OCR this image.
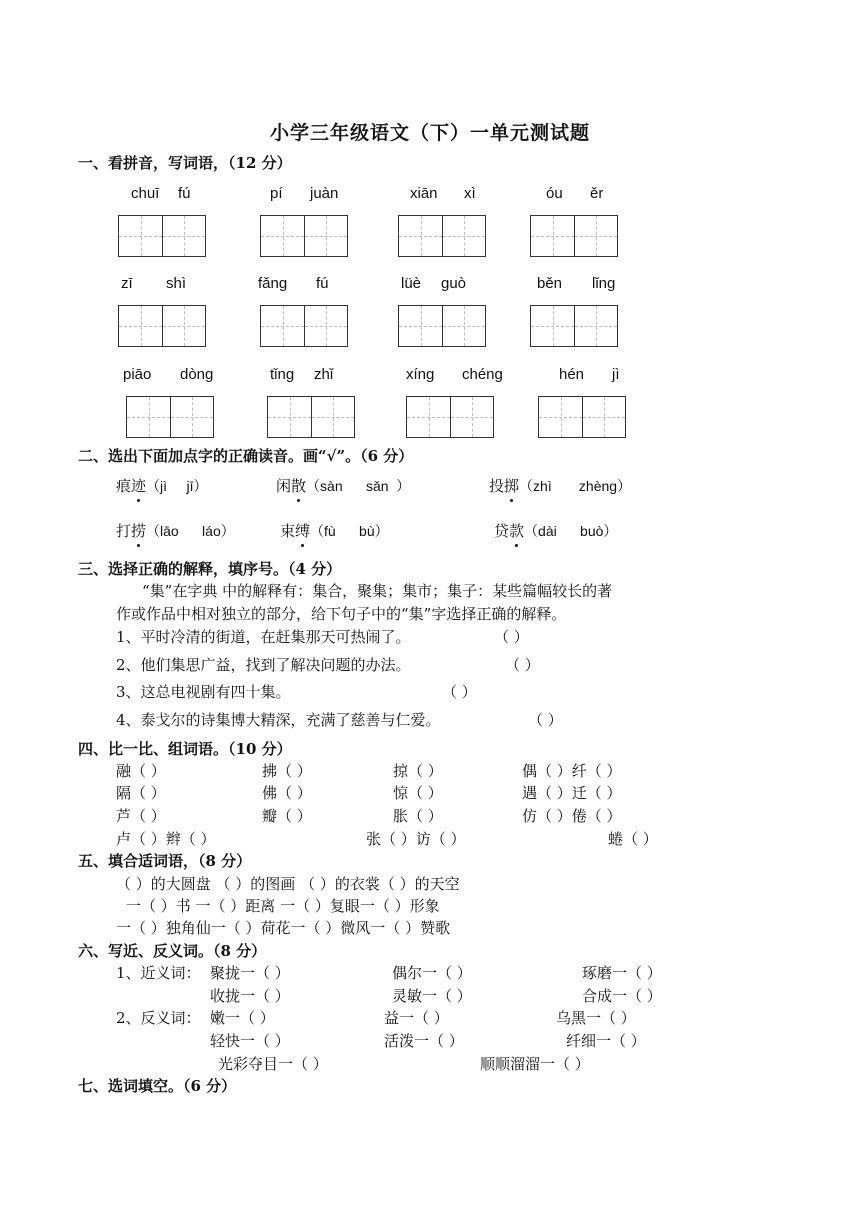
小学三年级语文（下）一单元测试题
一、看拼音，写词语，（12 分）
chuī fú	pí juàn	xiān xì	óu ěr
zī shì	fǎng fú	lüè guò	běn lǐng
piāo dòng	tǐng zhǐ	xíng chéng	hén jì
二、选出下面加点字的正确读音。画“√”。（6 分）
痕迹（jì     jī）	闲散（sàn      sǎn  ）	投掷（zhì       zhèng）
打捞（lāo      láo）	束缚（fù      bù）	贷款（dài      buò）
三、选择正确的解释，填序号。（4 分）
“集”在字典 中的解释有：集合，聚集；集市；集子：某些篇幅较长的著
作或作品中相对独立的部分，给下句子中的“集”字选择正确的解释。
1、平时冷清的街道，在赶集那天可热闹了。	（ ）
2、他们集思广益，找到了解决问题的办法。	（ ）
3、这总电视剧有四十集。	（ ）
4、泰戈尔的诗集博大精深，充满了慈善与仁爱。	（ ）
四、比一比、组词语。（10 分）
融（ ）	拂（ ）	掠（ ）	偶（ ）纤（ ）
隔（ ）	佛（ ）	惊（ ）	遇（ ）迁（ ）
芦（ ）	瓣（ ）	胀（ ）	仿（ ）倦（ ）
卢（ ）辫（ ）	张（ ）访（ ）	蜷（ ）
五、填合适词语，（8 分）
（ ）的大圆盘 （ ）的图画 （ ）的衣裳（ ）的天空
一（ ）书 一（ ）距离 一（ ）复眼一（ ）形象
一（ ）独角仙一（ ）荷花一（ ）微风一（ ）赞歌
六、写近、反义词。（8 分）
1、近义词： 聚拢一（ ）	偶尔一（ ）	琢磨一（ ）
收拢一（ ）	灵敏一（ ）	合成一（ ）
2、反义词： 嫩一（ ）	益一（ ）	乌黑一（ ）
轻快一（ ）	活泼一（ ）	纤细一（ ）
光彩夺目一（ ）	顺顺溜溜一（ ）
七、选词填空。（6 分）
